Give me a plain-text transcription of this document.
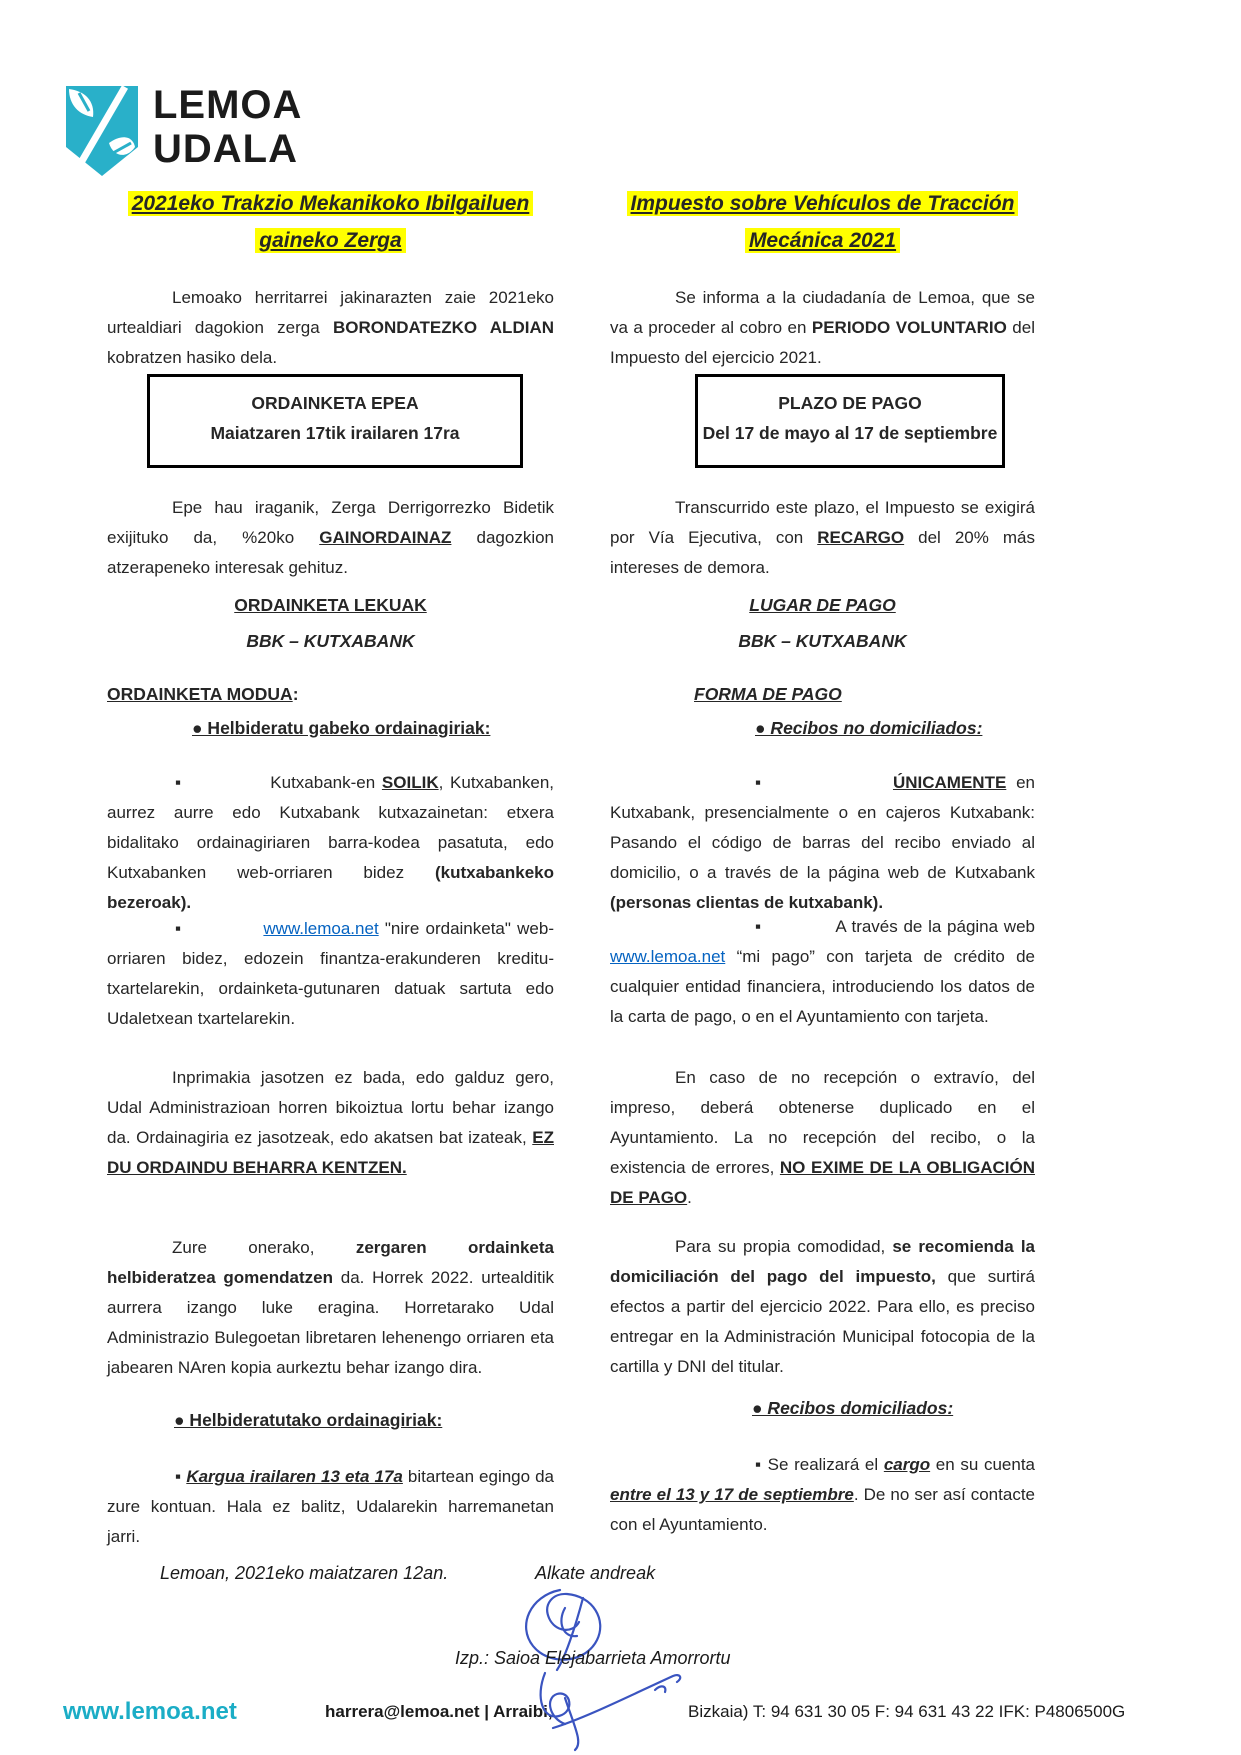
LEMOA
UDALA
2021eko Trakzio Mekanikoko Ibilgailuen
gaineko Zerga
Lemoako herritarrei jakinarazten zaie 2021eko urtealdiari dagokion zerga BORONDATEZKO ALDIAN kobratzen hasiko dela.
ORDAINKETA EPEA
Maiatzaren 17tik irailaren 17ra
Epe hau iraganik, Zerga Derrigorrezko Bidetik exijituko da, %20ko GAINORDAINAZ dagozkion atzerapeneko interesak gehituz.
ORDAINKETA LEKUAK
BBK – KUTXABANK
ORDAINKETA MODUA:
● Helbideratu gabeko ordainagiriak:
▪             Kutxabank-en SOILIK, Kutxabanken, aurrez aurre edo Kutxabank kutxazainetan: etxera bidalitako ordainagiriaren barra-kodea pasatuta, edo Kutxabanken web-orriaren bidez (kutxabankeko bezeroak).
▪             www.lemoa.net "nire ordainketa" web-orriaren bidez, edozein finantza-erakunderen kreditu-txartelarekin, ordainketa-gutunaren datuak sartuta edo Udaletxean txartelarekin.
Inprimakia jasotzen ez bada, edo galduz gero, Udal Administrazioan horren bikoiztua lortu behar izango da. Ordainagiria ez jasotzeak, edo akatsen bat izateak, EZ DU ORDAINDU BEHARRA KENTZEN.
Zure onerako, zergaren ordainketa helbideratzea gomendatzen da. Horrek 2022. urtealditik aurrera izango luke eragina. Horretarako Udal Administrazio Bulegoetan libretaren lehenengo orriaren eta jabearen NAren kopia aurkeztu behar izango dira.
● Helbideratutako ordainagiriak:
▪ Kargua irailaren 13 eta 17a bitartean egingo da zure kontuan. Hala ez balitz, Udalarekin harremanetan jarri.
Impuesto sobre Vehículos de Tracción
Mecánica 2021
Se informa a la ciudadanía de Lemoa, que se va a proceder al cobro en PERIODO VOLUNTARIO del Impuesto del ejercicio 2021.
PLAZO DE PAGO
Del 17 de mayo al 17 de septiembre
Transcurrido este plazo, el Impuesto se exigirá por Vía Ejecutiva, con RECARGO del 20% más intereses de demora.
LUGAR DE PAGO
BBK – KUTXABANK
FORMA DE PAGO
● Recibos no domiciliados:
▪             ÚNICAMENTE en Kutxabank, presencialmente o en cajeros Kutxabank: Pasando el código de barras del recibo enviado al domicilio, o a través de la página web de Kutxabank (personas clientas de kutxabank).
▪             A través de la página web www.lemoa.net “mi pago” con tarjeta de crédito de cualquier entidad financiera, introduciendo los datos de la carta de pago, o en el Ayuntamiento con tarjeta.
En caso de no recepción o extravío, del impreso, deberá obtenerse duplicado en el Ayuntamiento. La no recepción del recibo, o la existencia de errores, NO EXIME DE LA OBLIGACIÓN DE PAGO.
Para su propia comodidad, se recomienda la domiciliación del pago del impuesto, que surtirá efectos a partir del ejercicio 2022. Para ello, es preciso entregar en la Administración Municipal fotocopia de la cartilla y DNI del titular.
● Recibos domiciliados:
▪ Se realizará el cargo en su cuenta entre el 13 y 17 de septiembre. De no ser así contacte con el Ayuntamiento.
Lemoan, 2021eko maiatzaren 12an.	Alkate andreak
Izp.: Saioa Elejabarrieta Amorrortu
www.lemoa.net	harrera@lemoa.net | Arraibi,	Bizkaia) T: 94 631 30 05 F: 94 631 43 22 IFK: P4806500G
